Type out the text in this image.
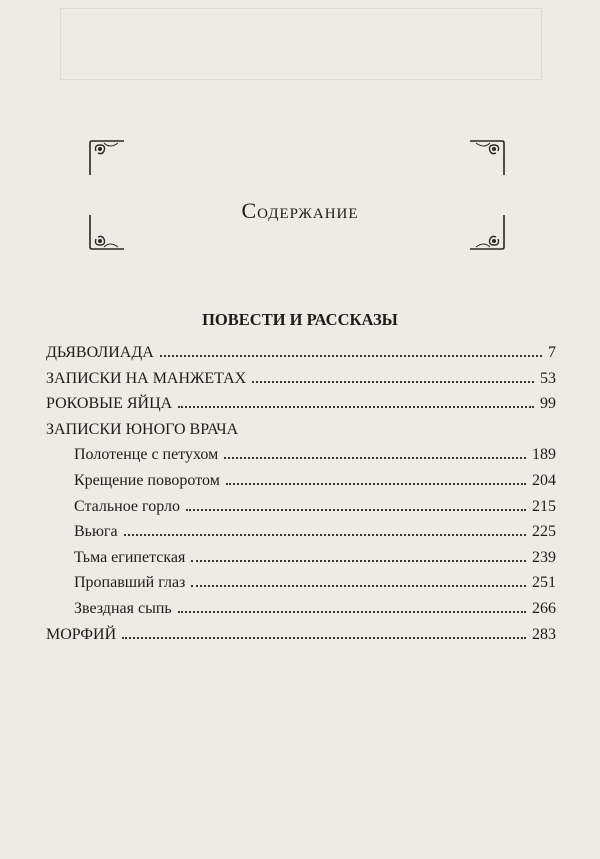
Содержание
ПОВЕСТИ И РАССКАЗЫ
ДЬЯВОЛИАДА	7
ЗАПИСКИ НА МАНЖЕТАХ	53
РОКОВЫЕ ЯЙЦА	99
ЗАПИСКИ ЮНОГО ВРАЧА
Полотенце с петухом	189
Крещение поворотом	204
Стальное горло	215
Вьюга	225
Тьма египетская	239
Пропавший глаз	251
Звездная сыпь	266
МОРФИЙ	283
